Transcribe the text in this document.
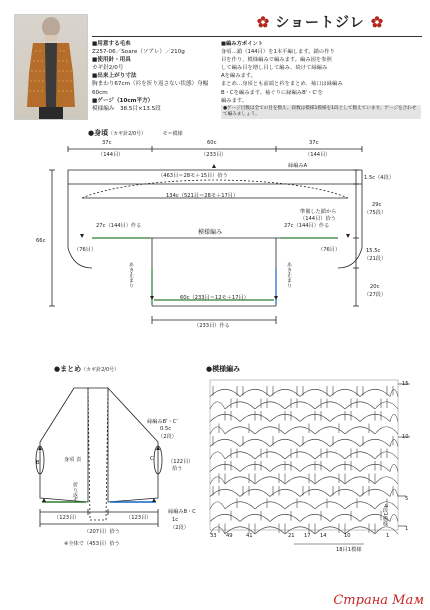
ショートジレ
■用意する毛糸
Z257-06／Soare（ソアレ）／210g
■使用針・用具
カギ針2/0号
■出来上がり寸法
胸まわり67cm（衿を折り返さない状態）身幅60cm
■ゲージ（10cm平方）
模様編み　38.5目×13.5段
■編み方ポイント
身頃…鎖（144目）を1本平編します。鎖の作り
目を作り、模様編みで編みます。編み図を参照
して編み目を増し目して編み、続けて縁編み
Aを編みます。
まとめ…身頃とも前端と衿をまとめ、袖口は縁編み
B・Cを編みます。袖ぐりに縁編みB'・C'を
編みます。
●ゲージ目数は全ての目を数え、段数は模様1模様を1段として数えています。ゲージを合わせて編みましょう。
●身頃（カギ針2/0号）	モ＝模様
37c
（144目）
60c
（233目）
37c
（144目）
縁編みA
（463目＝28モ＋15目）拾う
134c（521目＝28モ＋17目）
模様編み
27c（144目）作る	27c（144目）作る
準備した鎖から
（144目）拾う
66c
（76目）	（76目）
1.5c（4段）
29c
（75段）
15.5c
（21段）
20c
（27段）
あき止まり	あき止まり
60c（233目＝12モ＋17目）
（233目）作る
●まとめ（カギ針2/0号）
身頃 表
縁編みB'・C'
0.5c
（2段）
B'
C' （122目）
拾う
折り返す
縁編みB・C
1c
（2段）
（123目）	（123目）
（207目）拾う
※全体で（453目）拾う
●模様編み
15
10
5
1
4段1模様
33 49	41	21 17 14	10	1
18目1模様
Страна Мам
